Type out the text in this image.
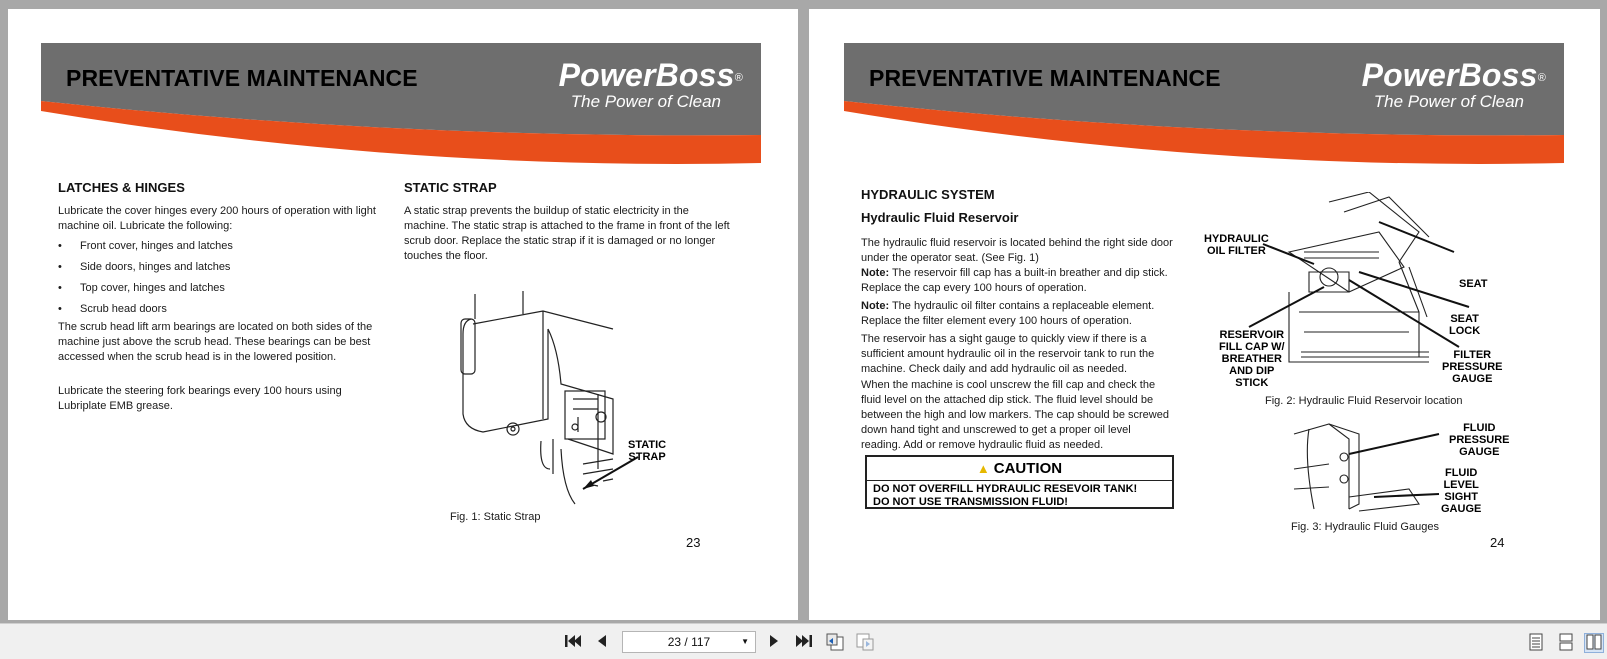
PREVENTATIVE MAINTENANCE	PowerBoss®
The Power of Clean
LATCHES & HINGES
Lubricate the cover hinges every 200 hours of operation with light machine oil. Lubricate the following:
• Front cover, hinges and latches
• Side doors, hinges and latches
• Top cover, hinges and latches
• Scrub head doors
The scrub head lift arm bearings are located on both sides of the machine just above the scrub head. These bearings can be best accessed when the scrub head is in the lowered position.
Lubricate the steering fork bearings every 100 hours using Lubriplate EMB grease.
STATIC STRAP
A static strap prevents the buildup of static electricity in the machine. The static strap is attached to the frame in front of the left scrub door. Replace the static strap if it is damaged or no longer touches the floor.
STATIC
STRAP
Fig. 1: Static Strap
23
PREVENTATIVE MAINTENANCE	PowerBoss®
The Power of Clean
HYDRAULIC SYSTEM
Hydraulic Fluid Reservoir
The hydraulic fluid reservoir is located behind the right side door under the operator seat. (See Fig. 1)
Note: The reservoir fill cap has a built-in breather and dip stick. Replace the cap every 100 hours of operation.
Note: The hydraulic oil filter contains a replaceable element. Replace the filter element every 100 hours of operation.
The reservoir has a sight gauge to quickly view if there is a sufficient amount hydraulic oil in the reservoir tank to run the machine. Check daily and add hydraulic oil as needed.
When the machine is cool unscrew the fill cap and check the fluid level on the attached dip stick. The fluid level should be between the high and low markers. The cap should be screwed down hand tight and unscrewed to get a proper oil level reading. Add or remove hydraulic fluid as needed.
▲ CAUTION
DO NOT OVERFILL HYDRAULIC RESEVOIR TANK!
DO NOT USE TRANSMISSION FLUID!
HYDRAULIC
OIL FILTER
SEAT
SEAT
LOCK
RESERVOIR
FILL CAP W/
BREATHER
AND DIP
STICK
FILTER
PRESSURE
GAUGE
Fig. 2: Hydraulic Fluid Reservoir location
FLUID
PRESSURE
GAUGE
FLUID
LEVEL
SIGHT
GAUGE
Fig. 3: Hydraulic Fluid Gauges
24
23 / 117	▼
